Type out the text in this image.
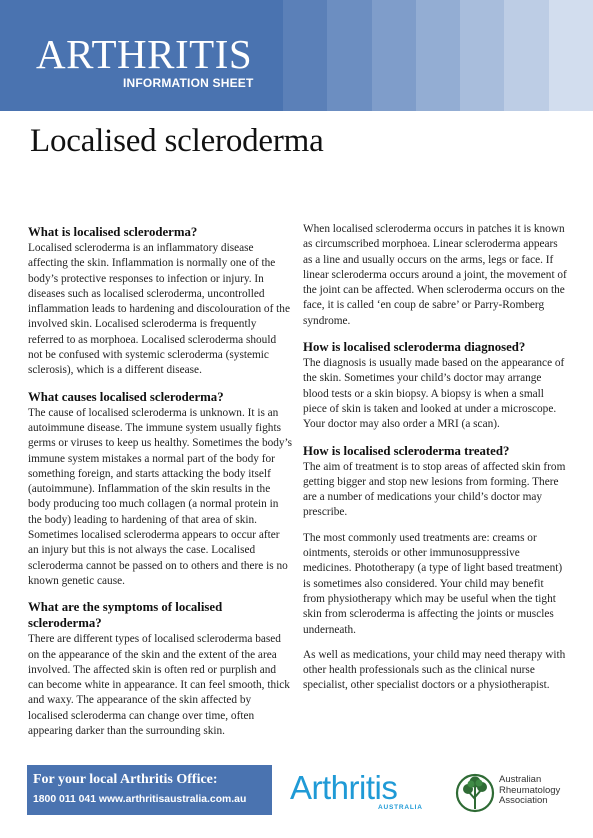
ARTHRITIS
INFORMATION SHEET
Localised scleroderma
What is localised scleroderma?

Localised scleroderma is an inflammatory disease affecting the skin. Inflammation is normally one of the body’s protective responses to infection or injury. In diseases such as localised scleroderma, uncontrolled inflammation leads to hardening and discolouration of the involved skin. Localised scleroderma is frequently referred to as morphoea. Localised scleroderma should not be confused with systemic scleroderma (systemic sclerosis), which is a different disease.

What causes localised scleroderma?

The cause of localised scleroderma is unknown. It is an autoimmune disease. The immune system usually fights germs or viruses to keep us healthy. Sometimes the body’s immune system mistakes a normal part of the body for something foreign, and starts attacking the body itself (autoimmune). Inflammation of the skin results in the body producing too much collagen (a normal protein in the body) leading to hardening of that area of skin. Sometimes localised scleroderma appears to occur after an injury but this is not always the case. Localised scleroderma cannot be passed on to others and there is no known genetic cause.

What are the symptoms of localised scleroderma?

There are different types of localised scleroderma based on the appearance of the skin and the extent of the area involved. The affected skin is often red or purplish and can become white in appearance. It can feel smooth, thick and waxy. The appearance of the skin affected by localised scleroderma can change over time, often appearing darker than the surrounding skin.

When localised scleroderma occurs in patches it is known as circumscribed morphoea. Linear scleroderma appears as a line and usually occurs on the arms, legs or face. If linear scleroderma occurs around a joint, the movement of the joint can be affected. When scleroderma occurs on the face, it is called ‘en coup de sabre’ or Parry-Romberg syndrome.

How is localised scleroderma diagnosed?

The diagnosis is usually made based on the appearance of the skin. Sometimes your child’s doctor may arrange blood tests or a skin biopsy. A biopsy is when a small piece of skin is taken and looked at under a microscope. Your doctor may also order a MRI (a scan).

How is localised scleroderma treated?

The aim of treatment is to stop areas of affected skin from getting bigger and stop new lesions from forming. There are a number of medications your child’s doctor may prescribe.

The most commonly used treatments are: creams or ointments, steroids or other immunosuppressive medicines. Phototherapy (a type of light based treatment) is sometimes also considered. Your child may benefit from physiotherapy which may be useful when the tight skin from scleroderma is affecting the joints or muscles underneath.

As well as medications, your child may need therapy with other health professionals such as the clinical nurse specialist, other specialist doctors or a physiotherapist.

For your local Arthritis Office:
1800 011 041 www.arthritisaustralia.com.au	Arthritis
AUSTRALIA
Australian
Rheumatology
Association
